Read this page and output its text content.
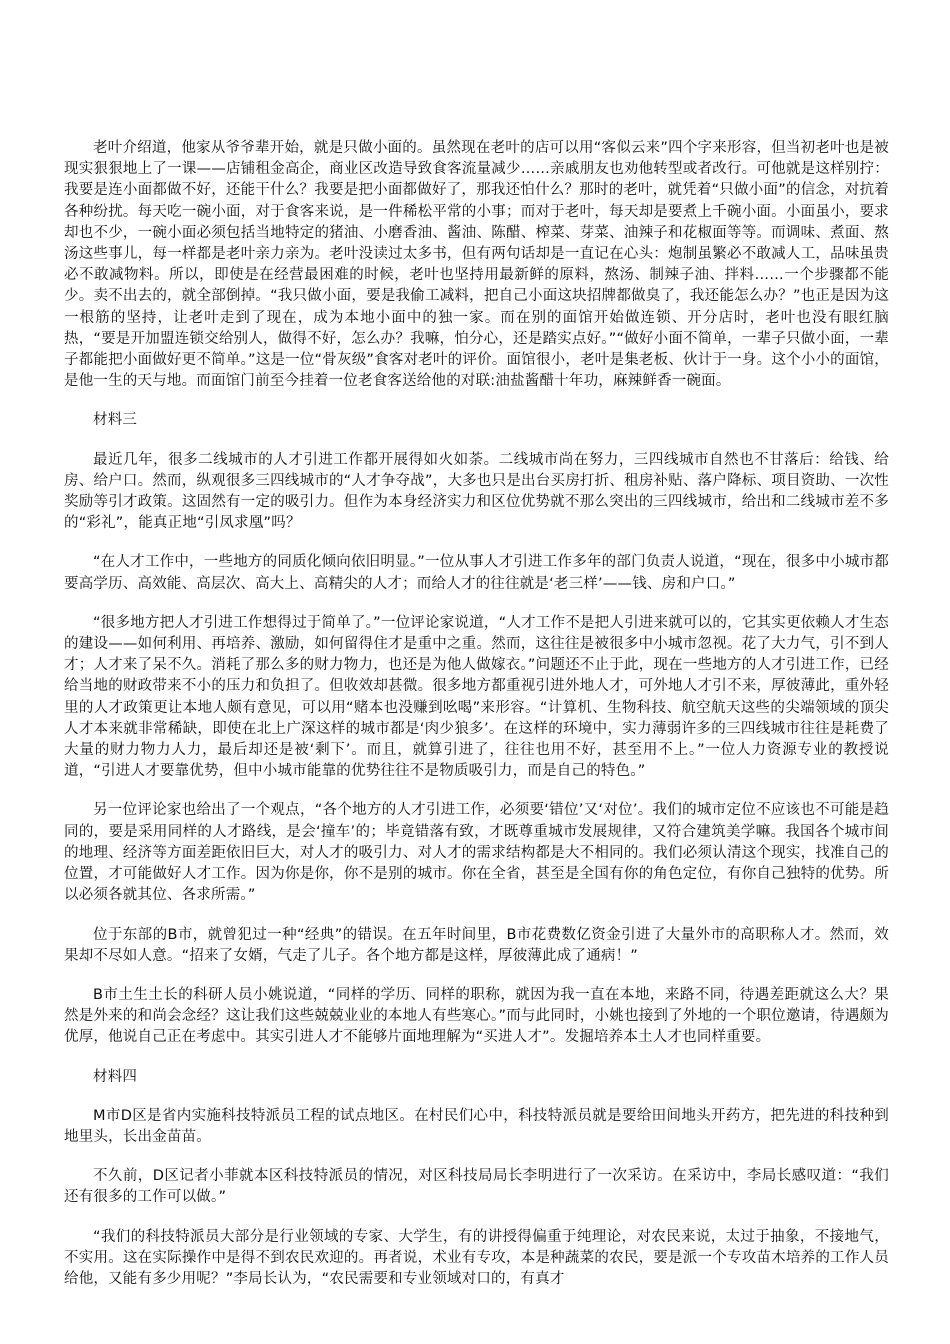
老叶介绍道，他家从爷爷辈开始，就是只做小面的。虽然现在老叶的店可以用“客似云来”四个字来形容，但当初老叶也是被现实狠狠地上了一课——店铺租金高企，商业区改造导致食客流量减少……亲戚朋友也劝他转型或者改行。可他就是这样别拧：我要是连小面都做不好，还能干什么？我要是把小面都做好了，那我还怕什么？那时的老叶，就凭着“只做小面”的信念，对抗着各种纷扰。每天吃一碗小面，对于食客来说，是一件稀松平常的小事；而对于老叶，每天却是要煮上千碗小面。小面虽小，要求却也不少，一碗小面必须包括当地特定的猪油、小磨香油、酱油、陈醋、榨菜、芽菜、油辣子和花椒面等等。而调味、煮面、熬汤这些事儿，每一样都是老叶亲力亲为。老叶没读过太多书，但有两句话却是一直记在心头：炮制虽繁必不敢减人工，品味虽贵必不敢减物料。所以，即使是在经营最困难的时候，老叶也坚持用最新鲜的原料，熬汤、制辣子油、拌料……一个步骤都不能少。卖不出去的，就全部倒掉。“我只做小面，要是我偷工减料，把自己小面这块招牌都做臭了，我还能怎么办？”也正是因为这一根筋的坚持，让老叶走到了现在，成为本地小面中的独一家。而在别的面馆开始做连锁、开分店时，老叶也没有眼红脑热，“要是开加盟连锁交给别人，做得不好，怎么办？我嘛，怕分心，还是踏实点好。”“做好小面不简单，一辈子只做小面，一辈子都能把小面做好更不简单。”这是一位“骨灰级”食客对老叶的评价。面馆很小，老叶是集老板、伙计于一身。这个小小的面馆，是他一生的天与地。而面馆门前至今挂着一位老食客送给他的对联:油盐酱醋十年功，麻辣鲜香一碗面。

材料三

最近几年，很多二线城市的人才引进工作都开展得如火如荼。二线城市尚在努力，三四线城市自然也不甘落后：给钱、给房、给户口。然而，纵观很多三四线城市的“人才争夺战”，大多也只是出台买房打折、租房补贴、落户降标、项目资助、一次性奖励等引才政策。这固然有一定的吸引力。但作为本身经济实力和区位优势就不那么突出的三四线城市，给出和二线城市差不多的“彩礼”，能真正地“引凤求凰”吗？

“在人才工作中，一些地方的同质化倾向依旧明显。”一位从事人才引进工作多年的部门负责人说道，“现在，很多中小城市都要高学历、高效能、高层次、高大上、高精尖的人才；而给人才的往往就是‘老三样’——钱、房和户口。”

“很多地方把人才引进工作想得过于简单了。”一位评论家说道，“人才工作不是把人引进来就可以的，它其实更依赖人才生态的建设——如何利用、再培养、激励，如何留得住才是重中之重。然而，这往往是被很多中小城市忽视。花了大力气，引不到人才；人才来了呆不久。消耗了那么多的财力物力，也还是为他人做嫁衣。”问题还不止于此，现在一些地方的人才引进工作，已经给当地的财政带来不小的压力和负担了。但收效却甚微。很多地方都重视引进外地人才，可外地人才引不来，厚彼薄此，重外轻里的人才政策更让本地人颇有意见，可以用“赌本也没赚到吆喝”来形容。“计算机、生物科技、航空航天这些的尖端领域的顶尖人才本来就非常稀缺，即使在北上广深这样的城市都是‘肉少狼多’。在这样的环境中，实力薄弱许多的三四线城市往往是耗费了大量的财力物力人力，最后却还是被‘剩下’。而且，就算引进了，往往也用不好，甚至用不上。”一位人力资源专业的教授说道，“引进人才要靠优势，但中小城市能靠的优势往往不是物质吸引力，而是自己的特色。”

另一位评论家也给出了一个观点，“各个地方的人才引进工作，必须要‘错位’又‘对位’。我们的城市定位不应该也不可能是趋同的，要是采用同样的人才路线，是会‘撞车’的；毕竟错落有致，才既尊重城市发展规律，又符合建筑美学嘛。我国各个城市间的地理、经济等方面差距依旧巨大，对人才的吸引力、对人才的需求结构都是大不相同的。我们必须认清这个现实，找准自己的位置，才可能做好人才工作。因为你是你，你不是别的城市。你在全省，甚至是全国有你的角色定位，有你自己独特的优势。所以必须各就其位、各求所需。”

位于东部的B市，就曾犯过一种“经典”的错误。在五年时间里，B市花费数亿资金引进了大量外市的高职称人才。然而，效果却不尽如人意。“招来了女婿，气走了儿子。各个地方都是这样，厚彼薄此成了通病！”

B市土生土长的科研人员小姚说道，“同样的学历、同样的职称，就因为我一直在本地，来路不同，待遇差距就这么大？果然是外来的和尚会念经？这让我们这些兢兢业业的本地人有些寒心。”而与此同时，小姚也接到了外地的一个职位邀请，待遇颇为优厚，他说自己正在考虑中。其实引进人才不能够片面地理解为“买进人才”。发掘培养本土人才也同样重要。

材料四

M市D区是省内实施科技特派员工程的试点地区。在村民们心中，科技特派员就是要给田间地头开药方，把先进的科技种到地里头，长出金苗苗。

不久前，D区记者小菲就本区科技特派员的情况，对区科技局局长李明进行了一次采访。在采访中，李局长感叹道：“我们还有很多的工作可以做。”

“我们的科技特派员大部分是行业领域的专家、大学生，有的讲授得偏重于纯理论，对农民来说，太过于抽象，不接地气，不实用。这在实际操作中是得不到农民欢迎的。再者说，术业有专攻，本是种蔬菜的农民，要是派一个专攻苗木培养的工作人员给他，又能有多少用呢？”李局长认为，“农民需要和专业领域对口的，有真才
